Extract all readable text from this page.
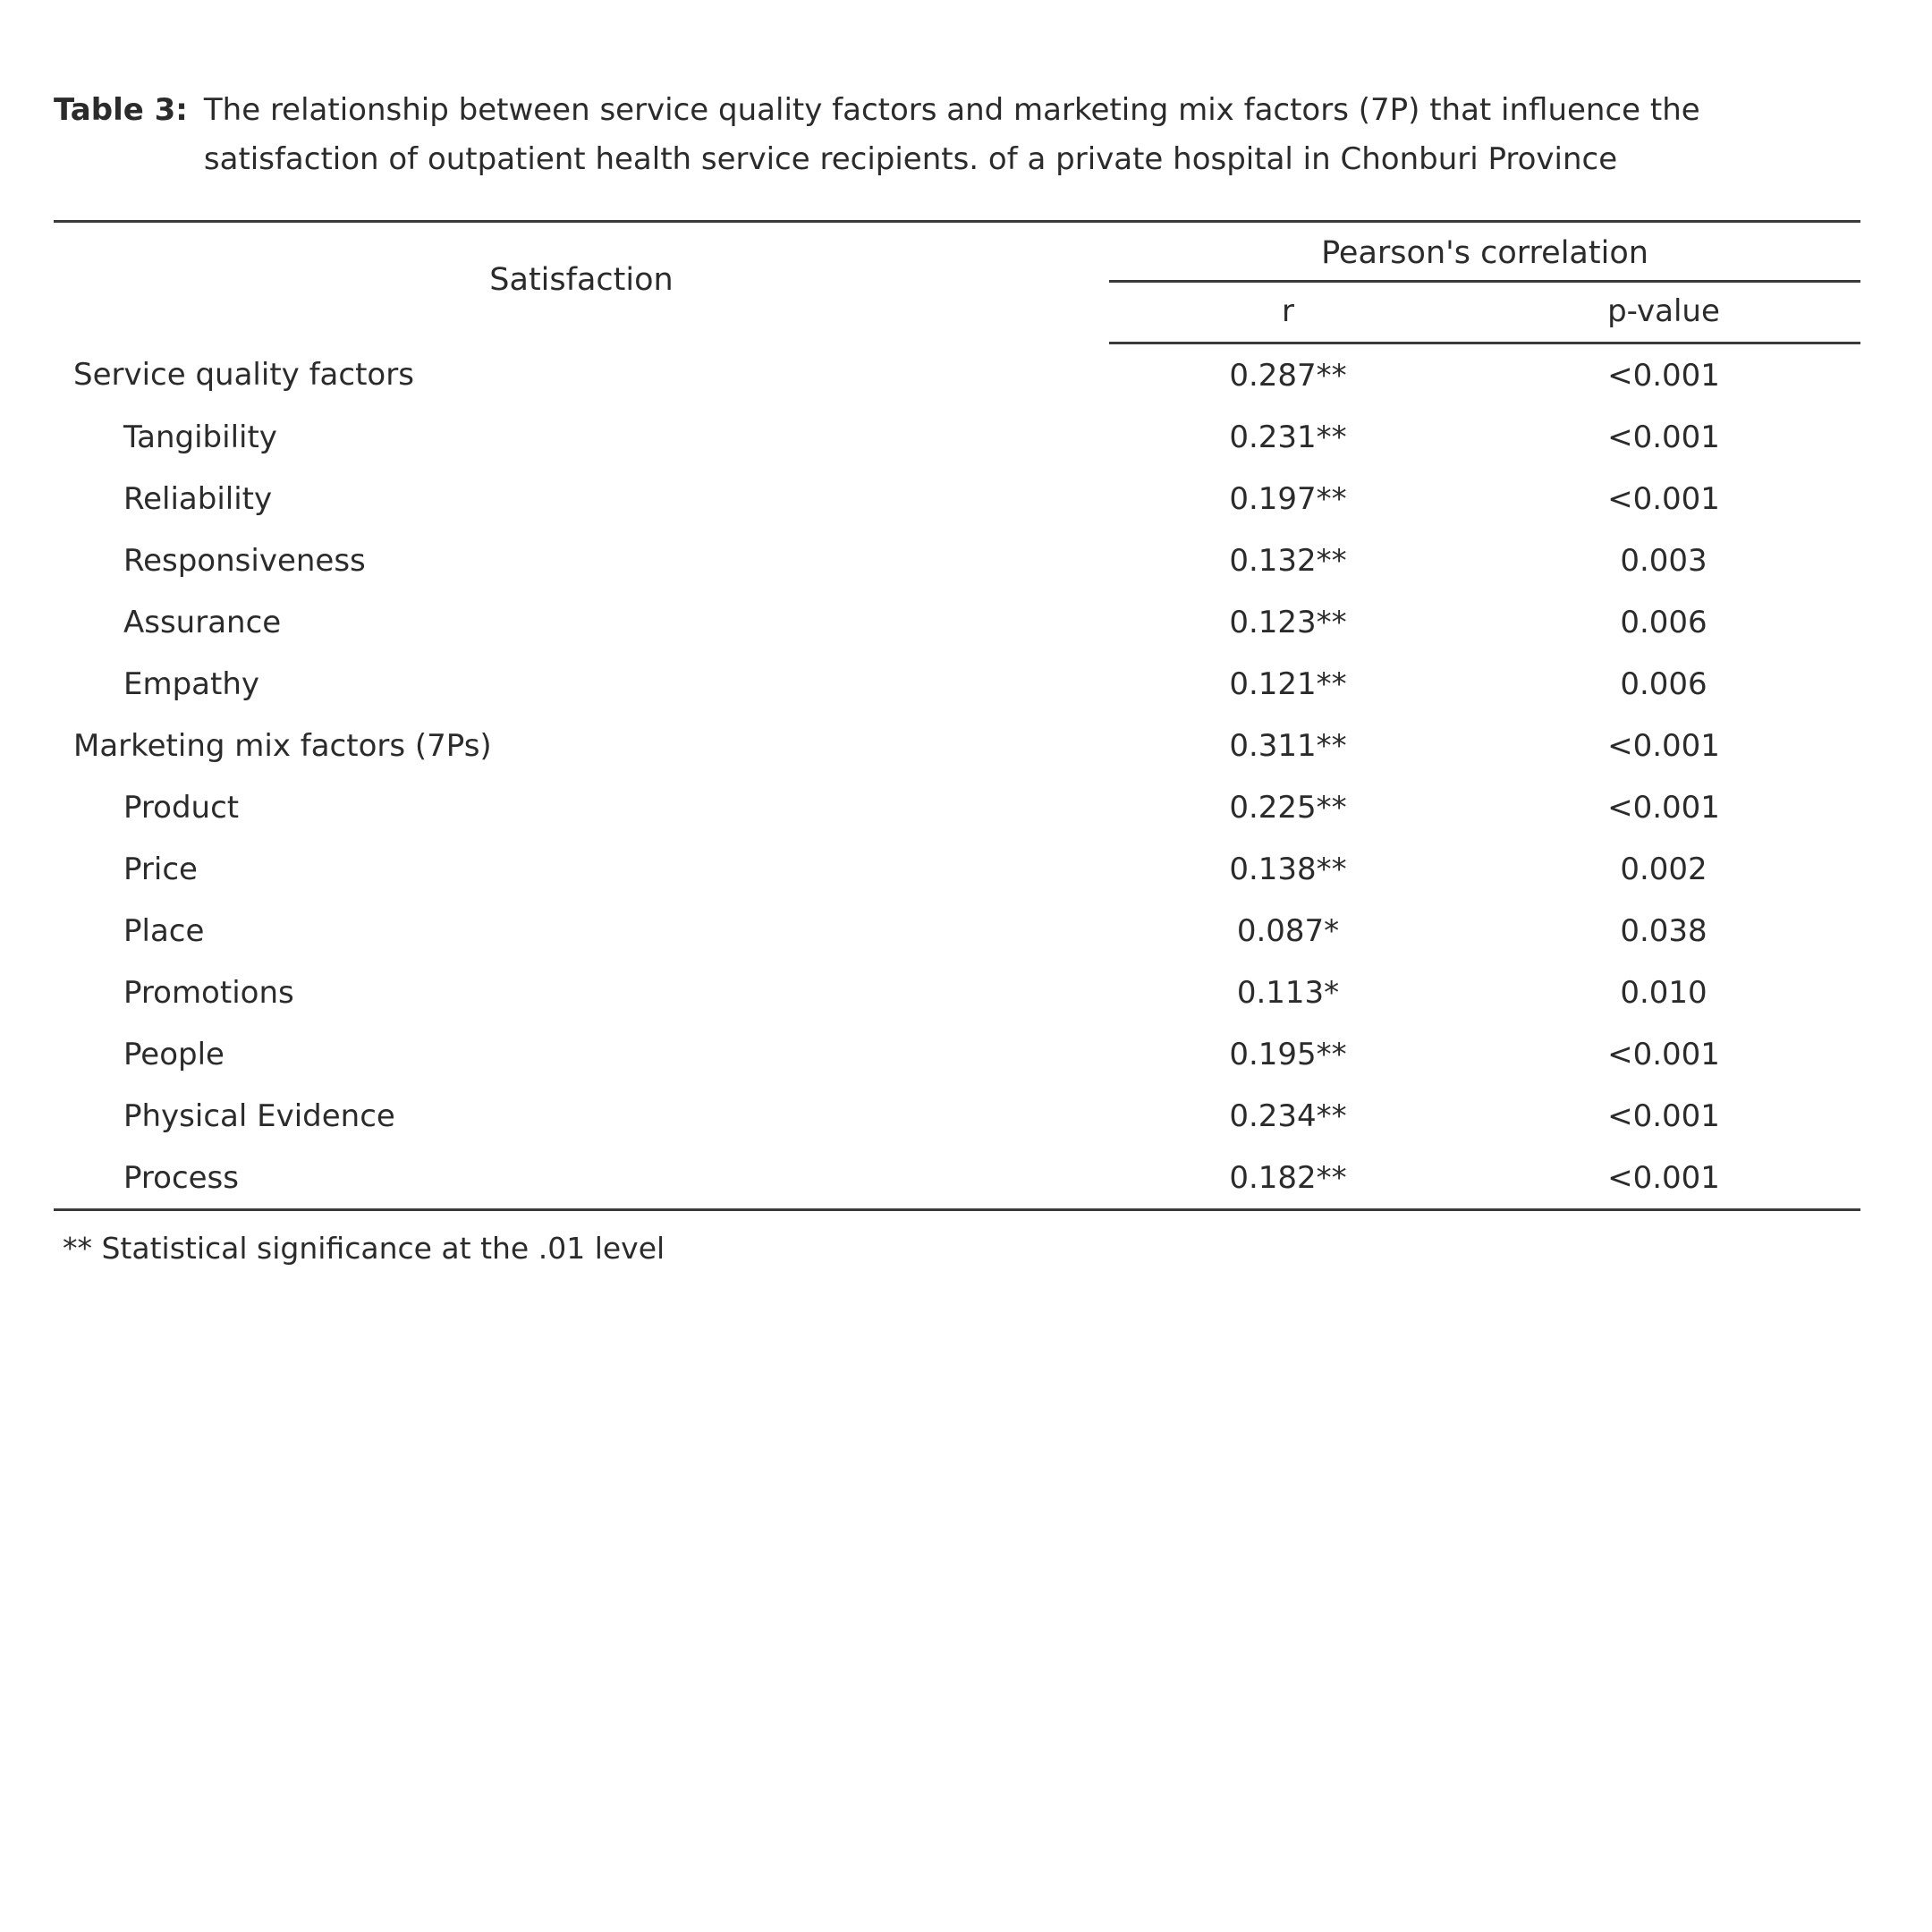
Table 3: The relationship between service quality factors and marketing mix factors (7P) that influence the satisfaction of outpatient health service recipients. of a private hospital in Chonburi Province
Satisfaction	Pearson's correlation	
	r	p-value
Service quality factors	0.287**	<0.001
Tangibility	0.231**	<0.001
Reliability	0.197**	<0.001
Responsiveness	0.132**	0.003
Assurance	0.123**	0.006
Empathy	0.121**	0.006
Marketing mix factors (7Ps)	0.311**	<0.001
Product	0.225**	<0.001
Price	0.138**	0.002
Place	0.087*	0.038
Promotions	0.113*	0.010
People	0.195**	<0.001
Physical Evidence	0.234**	<0.001
Process	0.182**	<0.001
** Statistical significance at the .01 level
